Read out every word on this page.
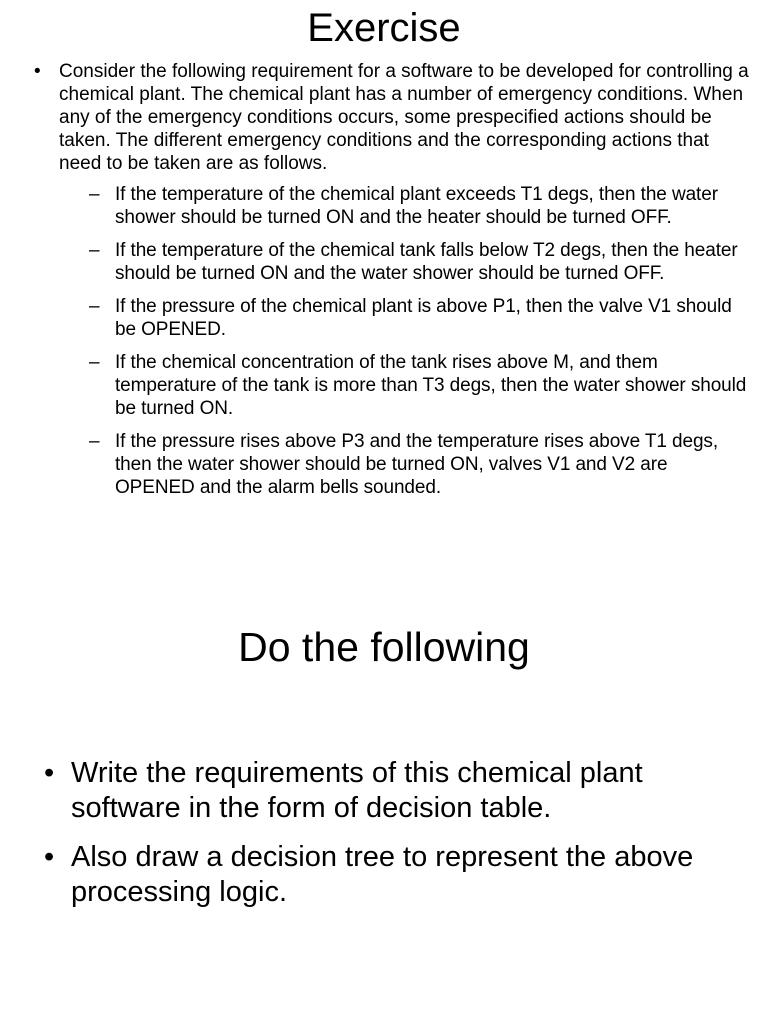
Exercise
• Consider the following requirement for a software to be developed for controlling a chemical plant. The chemical plant has a number of emergency conditions. When any of the emergency conditions occurs, some prespecified actions should be taken. The different emergency conditions and the corresponding actions that need to be taken are as follows.
– If the temperature of the chemical plant exceeds T1 degs, then the water shower should be turned ON and the heater should be turned OFF.
– If the temperature of the chemical tank falls below T2 degs, then the heater should be turned ON and the water shower should be turned OFF.
– If the pressure of the chemical plant is above P1, then the valve V1 should be OPENED.
– If the chemical concentration of the tank rises above M, and them temperature of the tank is more than T3 degs, then the water shower should be turned ON.
– If the pressure rises above P3 and the temperature rises above T1 degs, then the water shower should be turned ON, valves V1 and V2 are OPENED and the alarm bells sounded.
Do the following
• Write the requirements of this chemical plant software in the form of decision table.
• Also draw a decision tree to represent the above processing logic.
